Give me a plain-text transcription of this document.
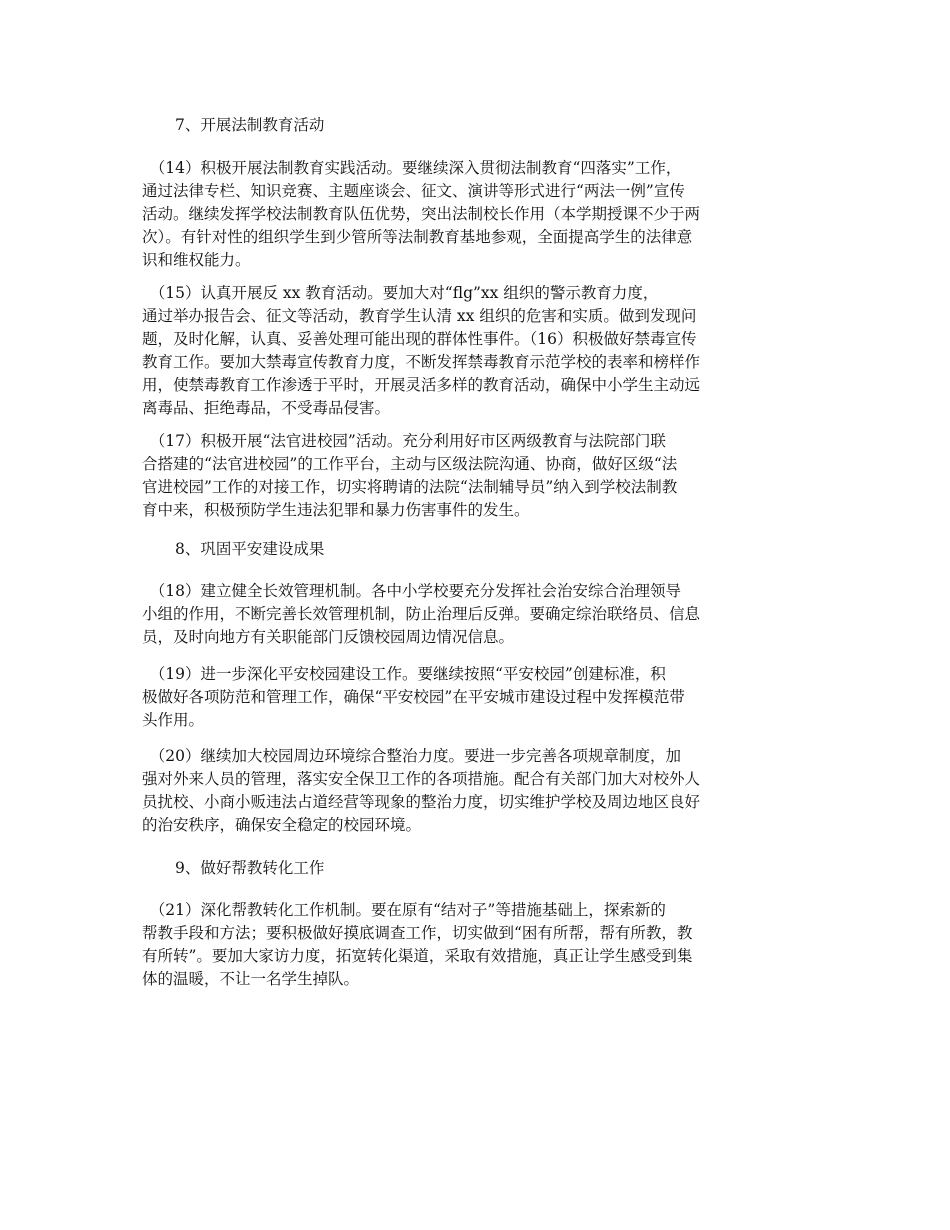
7、开展法制教育活动
　（14）积极开展法制教育实践活动。要继续深入贯彻法制教育“四落实”工作，
通过法律专栏、知识竞赛、主题座谈会、征文、演讲等形式进行“两法一例”宣传
活动。继续发挥学校法制教育队伍优势，突出法制校长作用（本学期授课不少于两
次）。有针对性的组织学生到少管所等法制教育基地参观，全面提高学生的法律意
识和维权能力。
　（15）认真开展反 xx 教育活动。要加大对“flg”xx 组织的警示教育力度，
通过举办报告会、征文等活动，教育学生认清 xx 组织的危害和实质。做到发现问
题，及时化解，认真、妥善处理可能出现的群体性事件。（16）积极做好禁毒宣传
教育工作。要加大禁毒宣传教育力度，不断发挥禁毒教育示范学校的表率和榜样作
用，使禁毒教育工作渗透于平时，开展灵活多样的教育活动，确保中小学生主动远
离毒品、拒绝毒品，不受毒品侵害。
　（17）积极开展“法官进校园”活动。充分利用好市区两级教育与法院部门联
合搭建的“法官进校园”的工作平台，主动与区级法院沟通、协商，做好区级“法
官进校园”工作的对接工作，切实将聘请的法院“法制辅导员”纳入到学校法制教
育中来，积极预防学生违法犯罪和暴力伤害事件的发生。
8、巩固平安建设成果
　（18）建立健全长效管理机制。各中小学校要充分发挥社会治安综合治理领导
小组的作用，不断完善长效管理机制，防止治理后反弹。要确定综治联络员、信息
员，及时向地方有关职能部门反馈校园周边情况信息。
　（19）进一步深化平安校园建设工作。要继续按照“平安校园”创建标准，积
极做好各项防范和管理工作，确保“平安校园”在平安城市建设过程中发挥模范带
头作用。
　（20）继续加大校园周边环境综合整治力度。要进一步完善各项规章制度，加
强对外来人员的管理，落实安全保卫工作的各项措施。配合有关部门加大对校外人
员扰校、小商小贩违法占道经营等现象的整治力度，切实维护学校及周边地区良好
的治安秩序，确保安全稳定的校园环境。
9、做好帮教转化工作
　（21）深化帮教转化工作机制。要在原有“结对子”等措施基础上，探索新的
帮教手段和方法；要积极做好摸底调查工作，切实做到“困有所帮，帮有所教，教
有所转”。要加大家访力度，拓宽转化渠道，采取有效措施，真正让学生感受到集
体的温暖，不让一名学生掉队。
